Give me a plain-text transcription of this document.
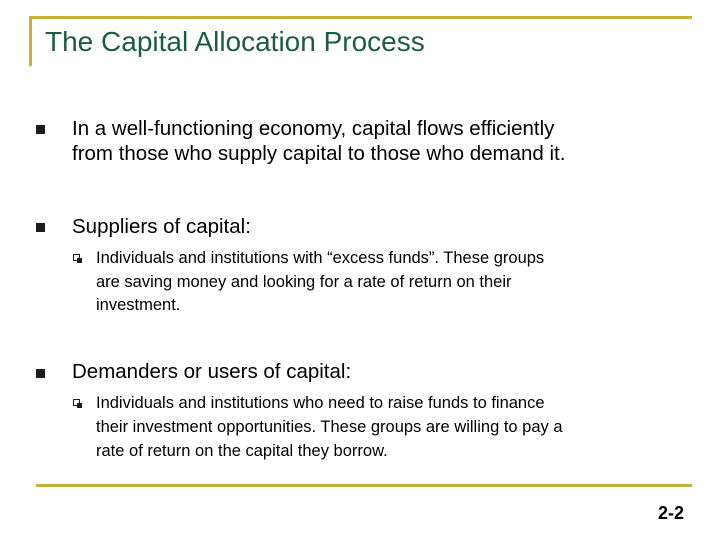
The Capital Allocation Process
In a well-functioning economy, capital flows efficiently
from those who supply capital to those who demand it.
Suppliers of capital:
Individuals and institutions with “excess funds”. These groups
are saving money and looking for a rate of return on their
investment.
Demanders or users of capital:
Individuals and institutions who need to raise funds to finance
their investment opportunities. These groups are willing to pay a
rate of return on the capital they borrow.
2-2
